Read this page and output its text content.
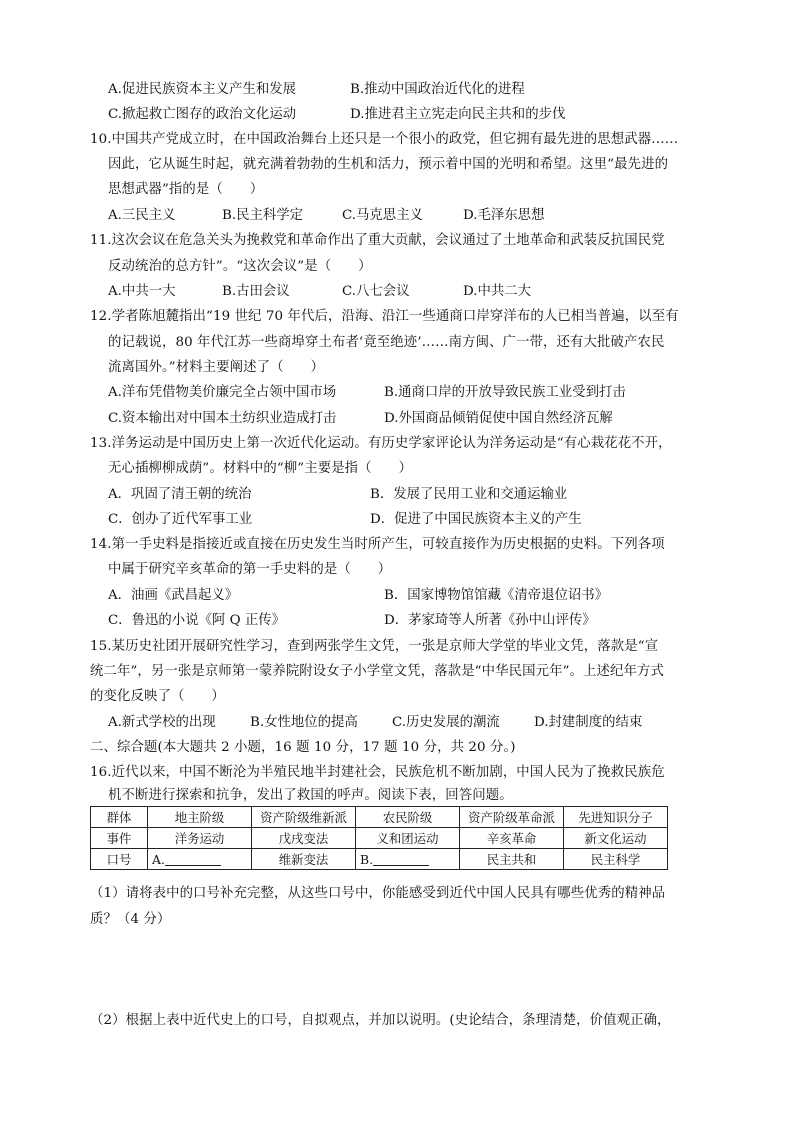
A.促进民族资本主义产生和发展	B.推动中国政治近代化的进程
C.掀起救亡图存的政治文化运动	D.推进君主立宪走向民主共和的步伐
10.中国共产党成立时，在中国政治舞台上还只是一个很小的政党，但它拥有最先进的思想武器……
因此，它从诞生时起，就充满着勃勃的生机和活力，预示着中国的光明和希望。这里“最先进的
思想武器”指的是（　　）
A.三民主义	B.民主科学定	C.马克思主义	D.毛泽东思想
11.这次会议在危急关头为挽救党和革命作出了重大贡献，会议通过了土地革命和武装反抗国民党
反动统治的总方针”。“这次会议”是（　　）
A.中共一大	B.古田会议	C.八七会议	D.中共二大
12.学者陈旭麓指出“19 世纪 70 年代后，沿海、沿江一些通商口岸穿洋布的人已相当普遍，以至有
的记载说，80 年代江苏一些商埠穿土布者‘竟至绝迹’……南方闽、广一带，还有大批破产农民
流离国外。”材料主要阐述了（　　）
A.洋布凭借物美价廉完全占领中国市场	B.通商口岸的开放导致民族工业受到打击
C.资本输出对中国本土纺织业造成打击	D.外国商品倾销促使中国自然经济瓦解
13.洋务运动是中国历史上第一次近代化运动。有历史学家评论认为洋务运动是“有心栽花花不开，
无心插柳柳成荫”。材料中的“柳”主要是指（　　）
A．巩固了清王朝的统治	B．发展了民用工业和交通运输业
C．创办了近代军事工业	D．促进了中国民族资本主义的产生
14.第一手史料是指接近或直接在历史发生当时所产生，可较直接作为历史根据的史料。下列各项
中属于研究辛亥革命的第一手史料的是（　　）
A．油画《武昌起义》	B．国家博物馆馆藏《清帝退位诏书》
C．鲁迅的小说《阿 Q 正传》	D．茅家琦等人所著《孙中山评传》
15.某历史社团开展研究性学习，查到两张学生文凭，一张是京师大学堂的毕业文凭，落款是“宣
统二年”，另一张是京师第一蒙养院附设女子小学堂文凭，落款是“中华民国元年”。上述纪年方式
的变化反映了（　　）
A.新式学校的出现	B.女性地位的提高	C.历史发展的潮流	D.封建制度的结束
二、综合题(本大题共 2 小题，16 题 10 分，17 题 10 分，共 20 分。)
16.近代以来，中国不断沦为半殖民地半封建社会，民族危机不断加剧，中国人民为了挽救民族危
机不断进行探索和抗争，发出了救国的呼声。阅读下表，回答问题。
群体	地主阶级	资产阶级维新派	农民阶级	资产阶级革命派	先进知识分子
事件	洋务运动	戊戌变法	义和团运动	辛亥革命	新文化运动
口号	A.	维新变法	B.	民主共和	民主科学
（1）请将表中的口号补充完整，从这些口号中，你能感受到近代中国人民具有哪些优秀的精神品
质？（4 分）
（2）根据上表中近代史上的口号，自拟观点，并加以说明。(史论结合，条理清楚，价值观正确，
